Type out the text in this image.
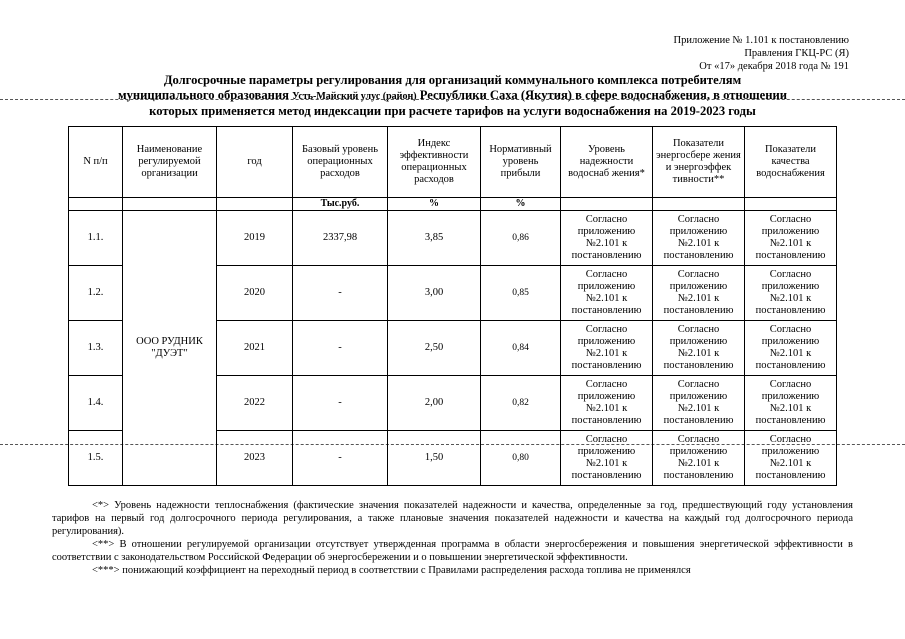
Приложение № 1.101 к постановлению
Правления ГКЦ-РС (Я)
От «17» декабря 2018 года № 191
Долгосрочные параметры регулирования для организаций коммунального комплекса потребителям
муниципального образования Усть-Майский улус (район) Республики Саха (Якутия) в сфере водоснабжения, в отношении
которых применяется метод индексации при расчете тарифов на услуги водоснабжения на 2019-2023 годы
N п/п	Наименование регулируемой организации	год	Базовый уровень операционных расходов	Индекс эффективности операционных расходов	Нормативный уровень прибыли	Уровень надежности водоснаб жения*	Показатели энергосбере жения и энергоэффек тивности**	Показатели качества водоснабжения
			Тыс.руб.	%	%			
1.1.	ООО РУДНИК "ДУЭТ"	2019	2337,98	3,85	0,86	Согласно приложению №2.101 к постановлению	Согласно приложению №2.101 к постановлению	Согласно приложению №2.101 к постановлению
1.2.		2020	-	3,00	0,85	Согласно приложению №2.101 к постановлению	Согласно приложению №2.101 к постановлению	Согласно приложению №2.101 к постановлению
1.3.		2021	-	2,50	0,84	Согласно приложению №2.101 к постановлению	Согласно приложению №2.101 к постановлению	Согласно приложению №2.101 к постановлению
1.4.		2022	-	2,00	0,82	Согласно приложению №2.101 к постановлению	Согласно приложению №2.101 к постановлению	Согласно приложению №2.101 к постановлению
1.5.		2023	-	1,50	0,80	Согласно приложению №2.101 к постановлению	Согласно приложению №2.101 к постановлению	Согласно приложению №2.101 к постановлению

<*> Уровень надежности теплоснабжения (фактические значения показателей надежности и качества, определенные за год, предшествующий году установления тарифов на первый год долгосрочного периода регулирования, а также плановые значения показателей надежности и качества на каждый год долгосрочного периода регулирования).

<**> В отношении регулируемой организации отсутствует утвержденная программа в области энергосбережения и повышения энергетической эффективности в соответствии с законодательством Российской Федерации об энергосбережении и о повышении энергетической эффективности.

<***> понижающий коэффициент на переходный период в соответствии с Правилами распределения расхода топлива не применялся
